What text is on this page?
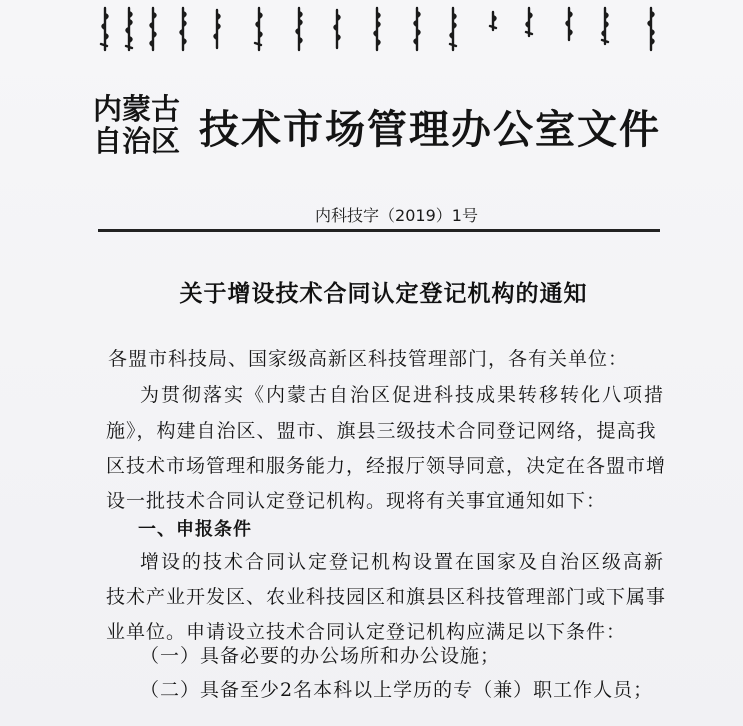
内蒙古
自治区 技术市场管理办公室文件
内科技字（2019）1号
关于增设技术合同认定登记机构的通知
各盟市科技局、国家级高新区科技管理部门，各有关单位：
为贯彻落实《内蒙古自治区促进科技成果转移转化八项措
施》，构建自治区、盟市、旗县三级技术合同登记网络，提高我
区技术市场管理和服务能力，经报厅领导同意，决定在各盟市增
设一批技术合同认定登记机构。现将有关事宜通知如下：
一、申报条件
增设的技术合同认定登记机构设置在国家及自治区级高新
技术产业开发区、农业科技园区和旗县区科技管理部门或下属事
业单位。申请设立技术合同认定登记机构应满足以下条件：
（一）具备必要的办公场所和办公设施；
（二）具备至少2名本科以上学历的专（兼）职工作人员；
